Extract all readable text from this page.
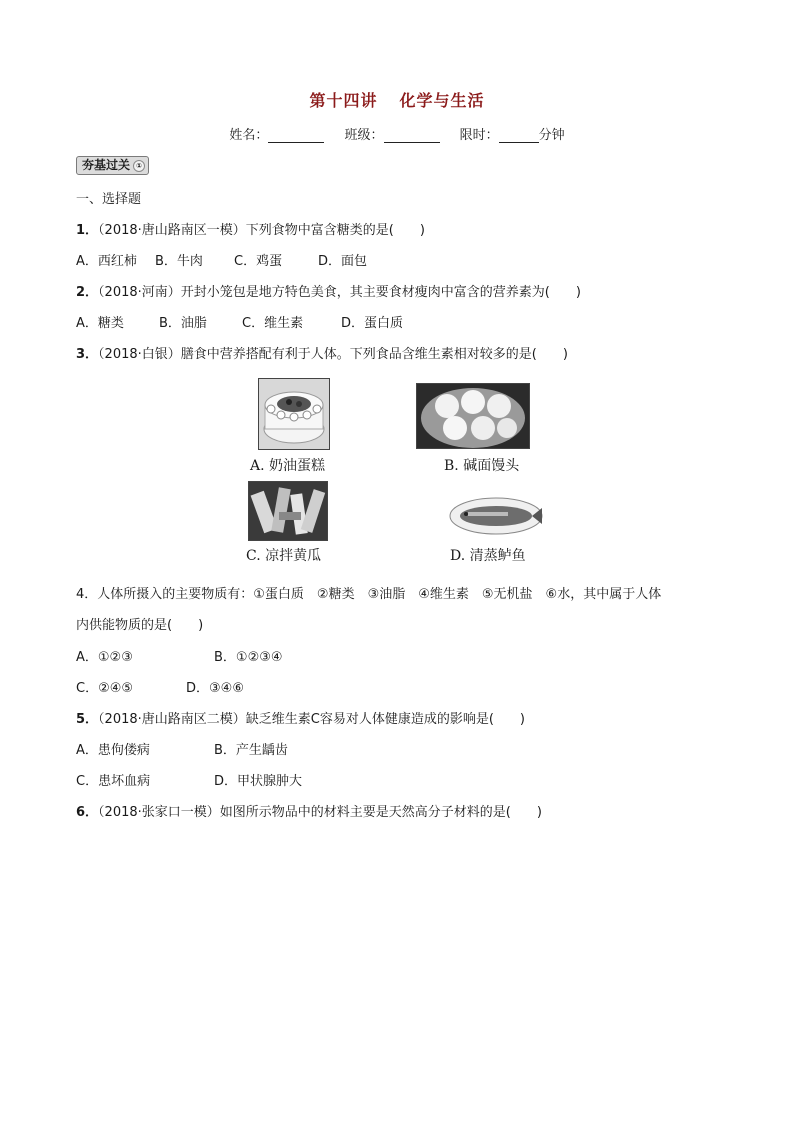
第十四讲 化学与生活
姓名：	班级：	限时：	分钟
夯基过关 ①
一、选择题
1．（2018·唐山路南区一模）下列食物中富含糖类的是(　　)
A．西红柿 B．牛肉 C．鸡蛋	D．面包
2．（2018·河南）开封小笼包是地方特色美食，其主要食材瘦肉中富含的营养素为(　　)
A．糖类	B．油脂	C．维生素	D．蛋白质
3．（2018·白银）膳食中营养搭配有利于人体。下列食品含维生素相对较多的是(　　)
A. 奶油蛋糕	B. 碱面馒头
C. 凉拌黄瓜	D. 清蒸鲈鱼
4．人体所摄入的主要物质有：①蛋白质　②糖类　③油脂　④维生素　⑤无机盐　⑥水，其中属于人体
内供能物质的是(　　)
A．①②③	B．①②③④
C．②④⑤	D．③④⑥
5．（2018·唐山路南区二模）缺乏维生素C容易对人体健康造成的影响是(　　)
A．患佝偻病	B．产生龋齿
C．患坏血病	D．甲状腺肿大
6．（2018·张家口一模）如图所示物品中的材料主要是天然高分子材料的是(　　)
